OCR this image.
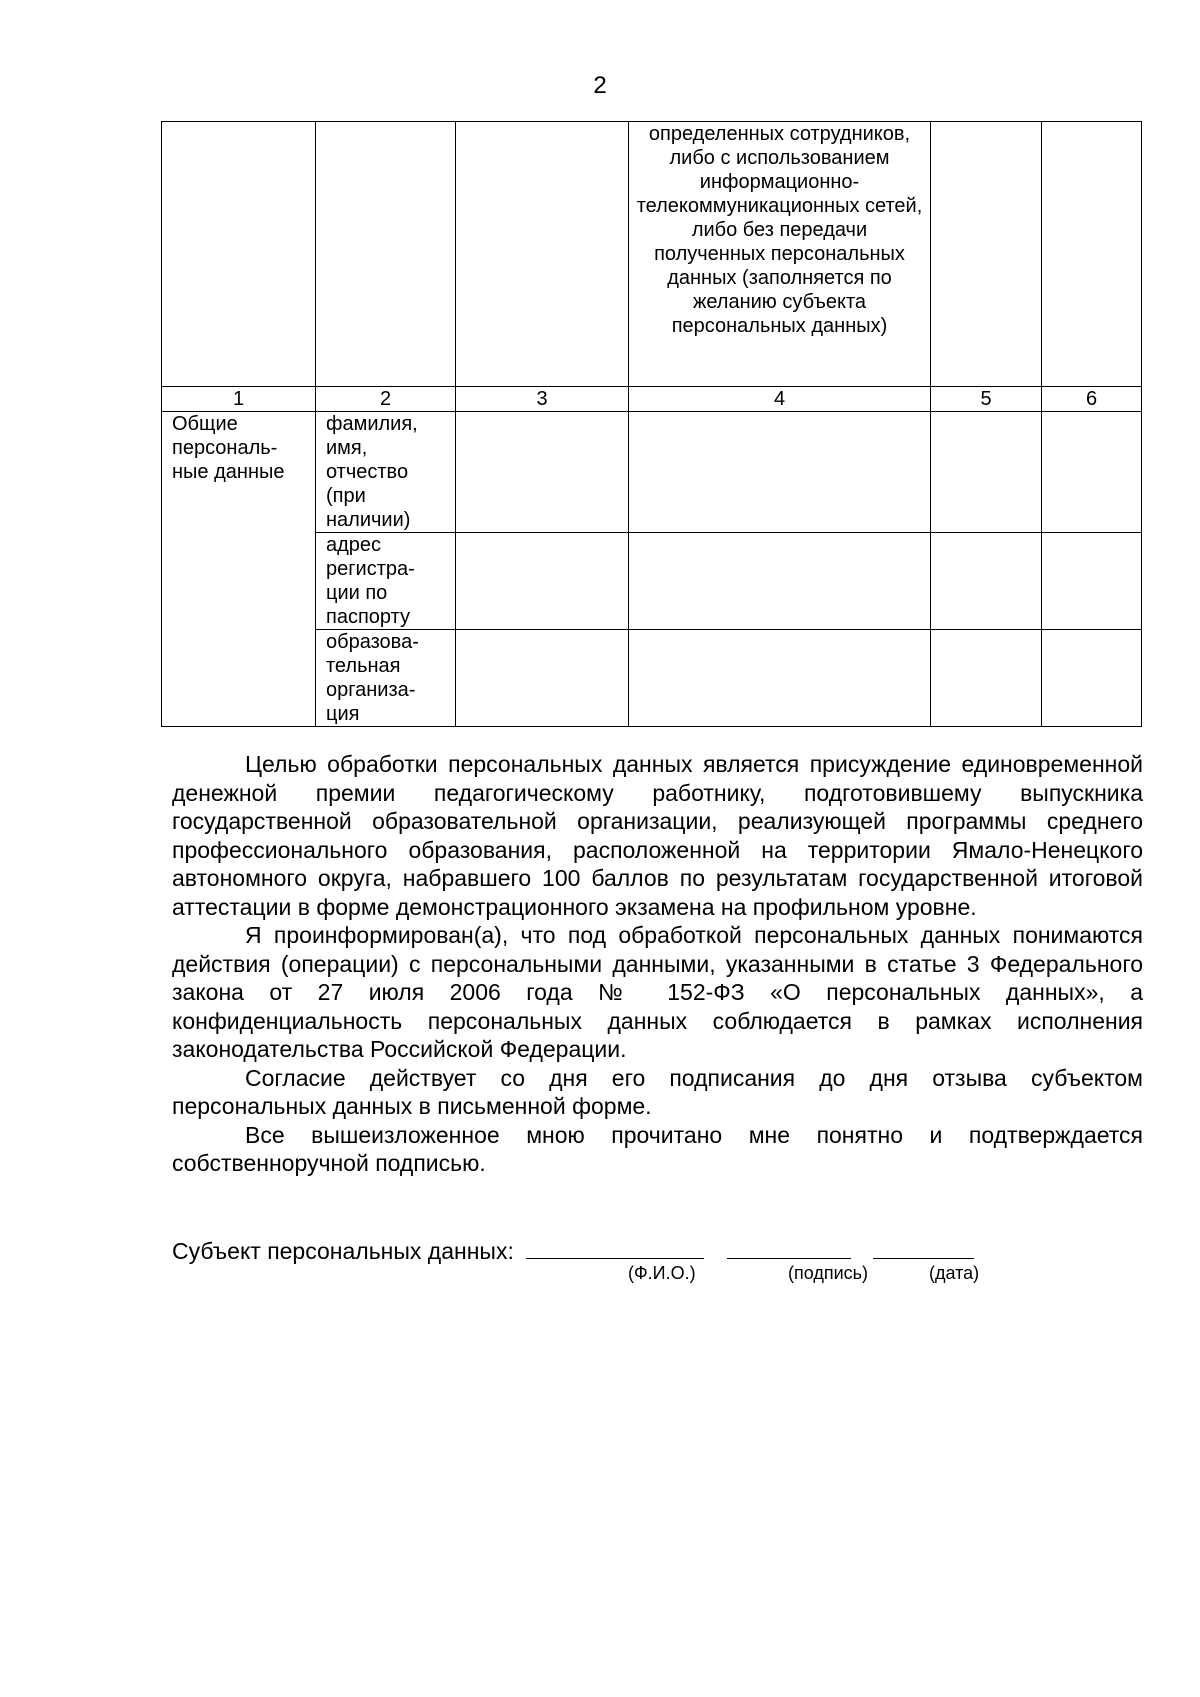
2
			определенных сотрудников, либо с использованием информационно-телекоммуникационных сетей, либо без передачи полученных персональных данных (заполняется по желанию субъекта персональных данных)		
1	2	3	4	5	6
Общие персональ-ные данные	фамилия, имя, отчество (при наличии)				
	адрес регистра-ции по паспорту				
	образова-тельная организа-ция				

Целью обработки персональных данных является присуждение единовременной денежной премии педагогическому работнику, подготовившему выпускника государственной образовательной организации, реализующей программы среднего профессионального образования, расположенной на территории Ямало-Ненецкого автономного округа, набравшего 100 баллов по результатам государственной итоговой аттестации в форме демонстрационного экзамена на профильном уровне.

Я проинформирован(а), что под обработкой персональных данных понимаются действия (операции) с персональными данными, указанными в статье 3 Федерального закона от 27 июля 2006 года № 152-ФЗ «О персональных данных», а конфиденциальность персональных данных соблюдается в рамках исполнения законодательства Российской Федерации.

Согласие действует со дня его подписания до дня отзыва субъектом персональных данных в письменной форме.

Все вышеизложенное мною прочитано мне понятно и подтверждается собственноручной подписью.

Субъект персональных данных:
(Ф.И.О.)	(подпись)	(дата)
